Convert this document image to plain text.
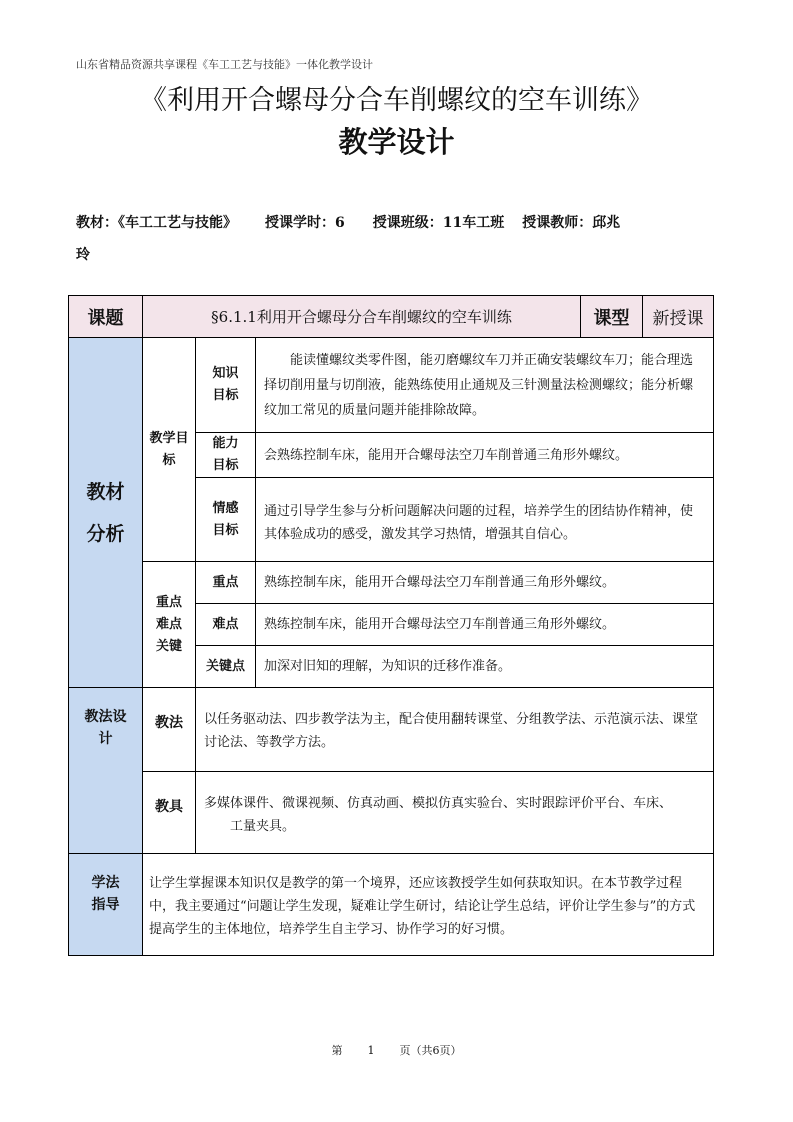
山东省精品资源共享课程《车工工艺与技能》一体化教学设计
《利用开合螺母分合车削螺纹的空车训练》
教学设计
教材：《车工工艺与技能》 授课学时：6 授课班级：11车工班 授课教师：邱兆
玲
课题	§6.1.1利用开合螺母分合车削螺纹的空车训练			课型	新授课

教材
分析	教学目标	知识目标	能读懂螺纹类零件图，能刃磨螺纹车刀并正确安装螺纹车刀；能合理选择切削用量与切削液，能熟练使用止通规及三针测量法检测螺纹；能分析螺纹加工常见的质量问题并能排除故障。		
		能力目标	会熟练控制车床，能用开合螺母法空刀车削普通三角形外螺纹。		
		情感目标	通过引导学生参与分析问题解决问题的过程，培养学生的团结协作精神，使其体验成功的感受，激发其学习热情，增强其自信心。		
	重点难点关键	重点	熟练控制车床，能用开合螺母法空刀车削普通三角形外螺纹。		
		难点	熟练控制车床，能用开合螺母法空刀车削普通三角形外螺纹。		
		关键点	加深对旧知的理解，为知识的迁移作准备。		
教法设计	教法	以任务驱动法、四步教学法为主，配合使用翻转课堂、分组教学法、示范演示法、课堂讨论法、等教学方法。			
	教具	多媒体课件、微课视频、仿真动画、模拟仿真实验台、实时跟踪评价平台、车床、
工量夹具。			

学法指导	让学生掌握课本知识仅是教学的第一个境界，还应该教授学生如何获取知识。在本节教学过程中，我主要通过“问题让学生发现，疑难让学生研讨，结论让学生总结，评价让学生参与”的方式提高学生的主体地位，培养学生自主学习、协作学习的好习惯。				
第 1 页（共6页）
